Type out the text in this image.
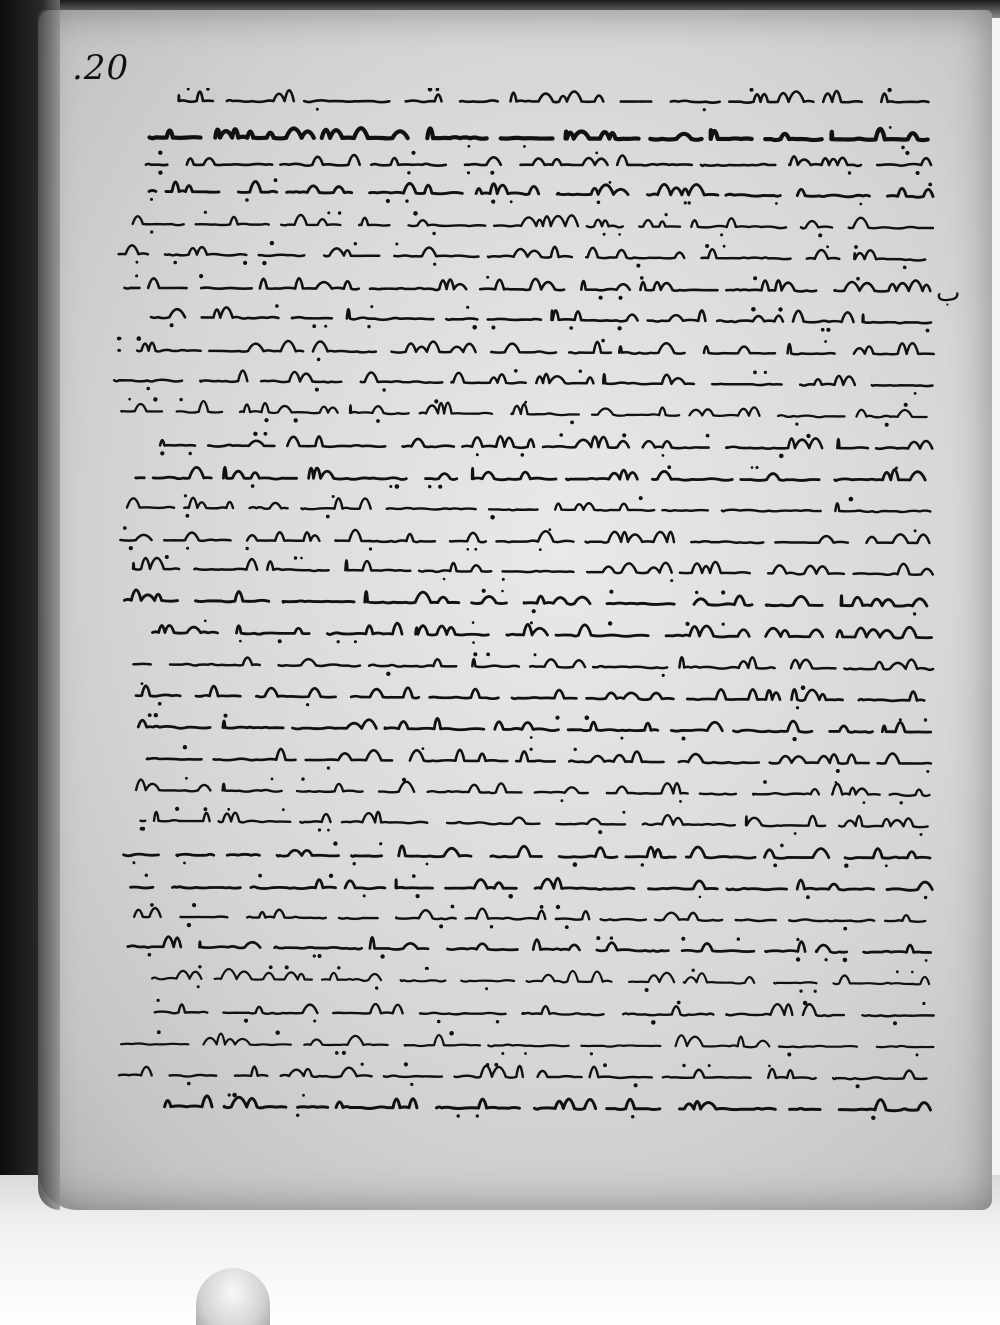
.20
ب
